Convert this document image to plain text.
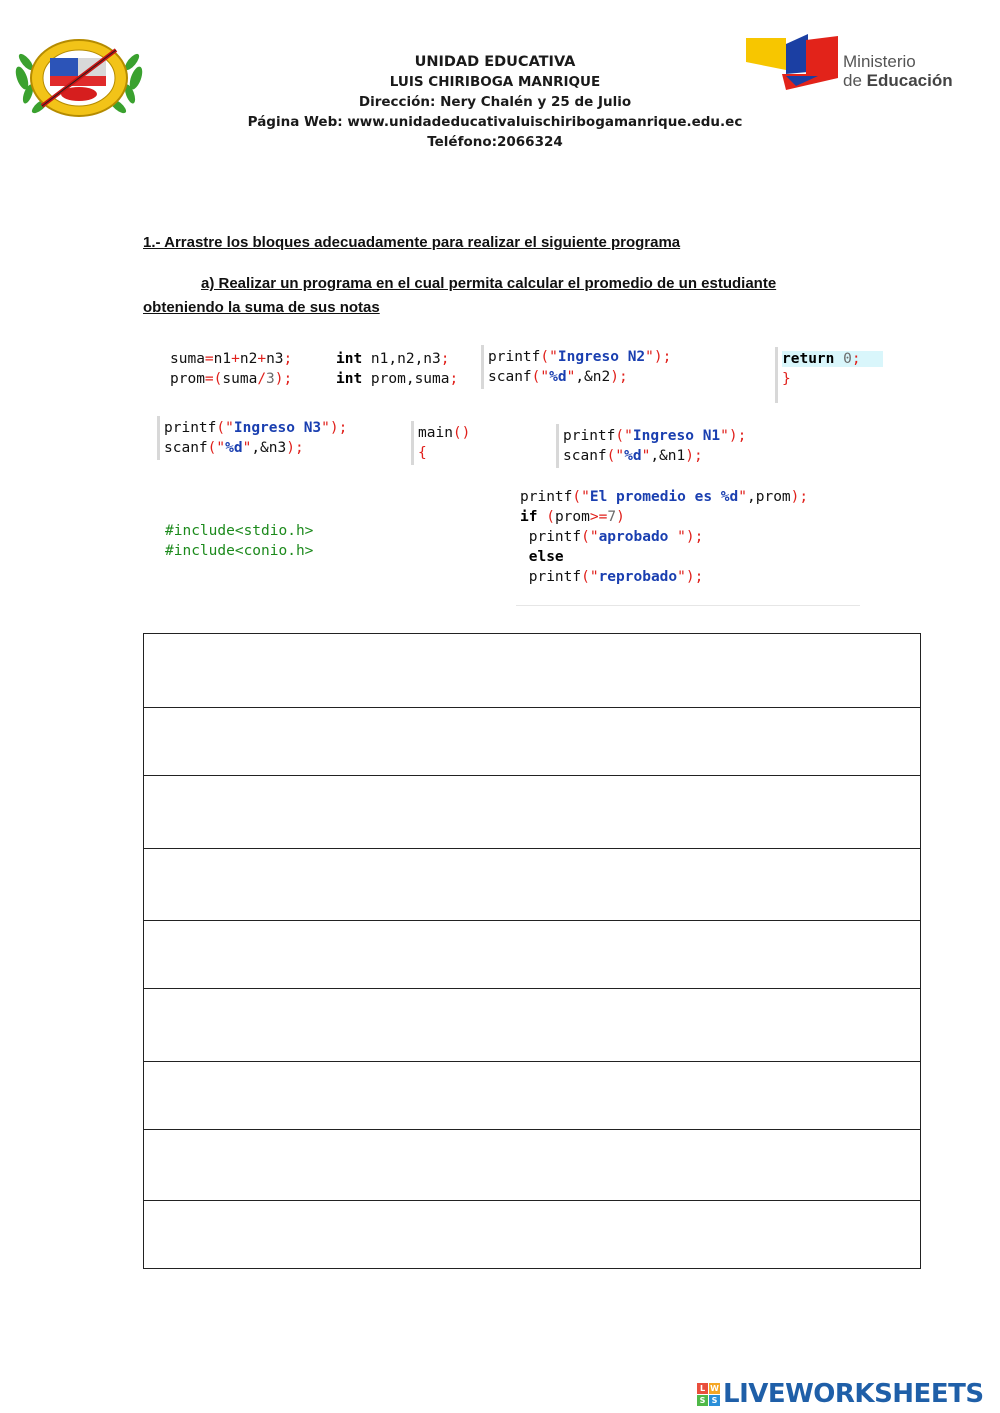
UNIDAD EDUCATIVA
LUIS CHIRIBOGA MANRIQUE
Dirección: Nery Chalén y 25 de Julio
Página Web: www.unidadeducativaluischiribogamanrique.edu.ec
Teléfono:2066324
Ministerio
de Educación
1.- Arrastre los bloques adecuadamente para realizar el siguiente programa
a) Realizar un programa en el cual permita calcular el promedio de un estudiante
obteniendo la suma de sus notas
suma=n1+n2+n3;
prom=(suma/3);
int n1,n2,n3;
int prom,suma;
printf("Ingreso N2");
scanf("%d",&n2);
return 0;
}
printf("Ingreso N3");
scanf("%d",&n3);
main()
{
printf("Ingreso N1");
scanf("%d",&n1);
printf("El promedio es %d",prom);
if (prom>=7)
printf("aprobado ");
else
printf("reprobado");
#include<stdio.h>
#include<conio.h>
L W
S S LIVEWORKSHEETS
